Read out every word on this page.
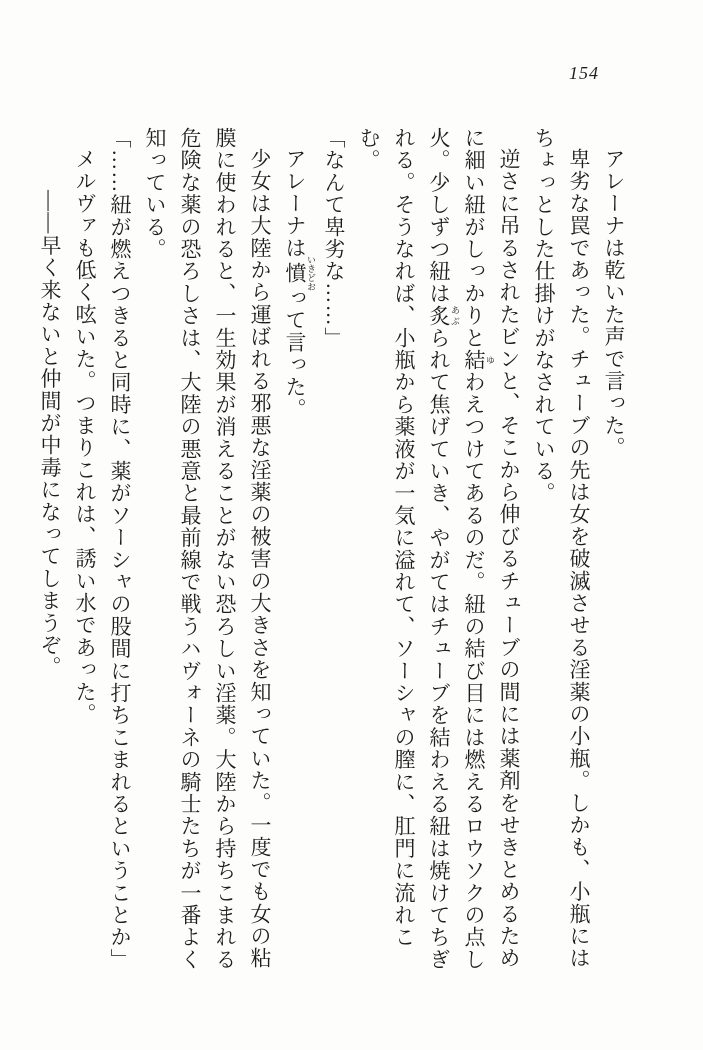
154

アレーナは乾いた声で言った。

卑劣な罠であった。チューブの先は女を破滅させる淫薬の小瓶。しかも、小瓶にはちょっとした仕掛けがなされている。

逆さに吊るされたビンと、そこから伸びるチューブの間には薬剤をせきとめるために細い紐がしっかりと結 ゆわえつけてあるのだ。紐の結び目には燃えるロウソクの点し火。少しずつ紐は炙 あぶられて焦げていき、やがてはチューブを結わえる紐は焼けてちぎれる。そうなれば、小瓶から薬液が一気に溢れて、ソーシャの膣に、肛門に流れこむ。

「なんて卑劣な……」

アレーナは憤 いきどおって言った。

少女は大陸から運ばれる邪悪な淫薬の被害の大きさを知っていた。一度でも女の粘膜に使われると、一生効果が消えることがない恐ろしい淫薬。大陸から持ちこまれる危険な薬の恐ろしさは、大陸の悪意と最前線で戦うハヴォーネの騎士たちが一番よく知っている。

「……紐が燃えつきると同時に、薬がソーシャの股間に打ちこまれるということか」

メルヴァも低く呟いた。つまりこれは、誘い水であった。

――早く来ないと仲間が中毒になってしまうぞ。
